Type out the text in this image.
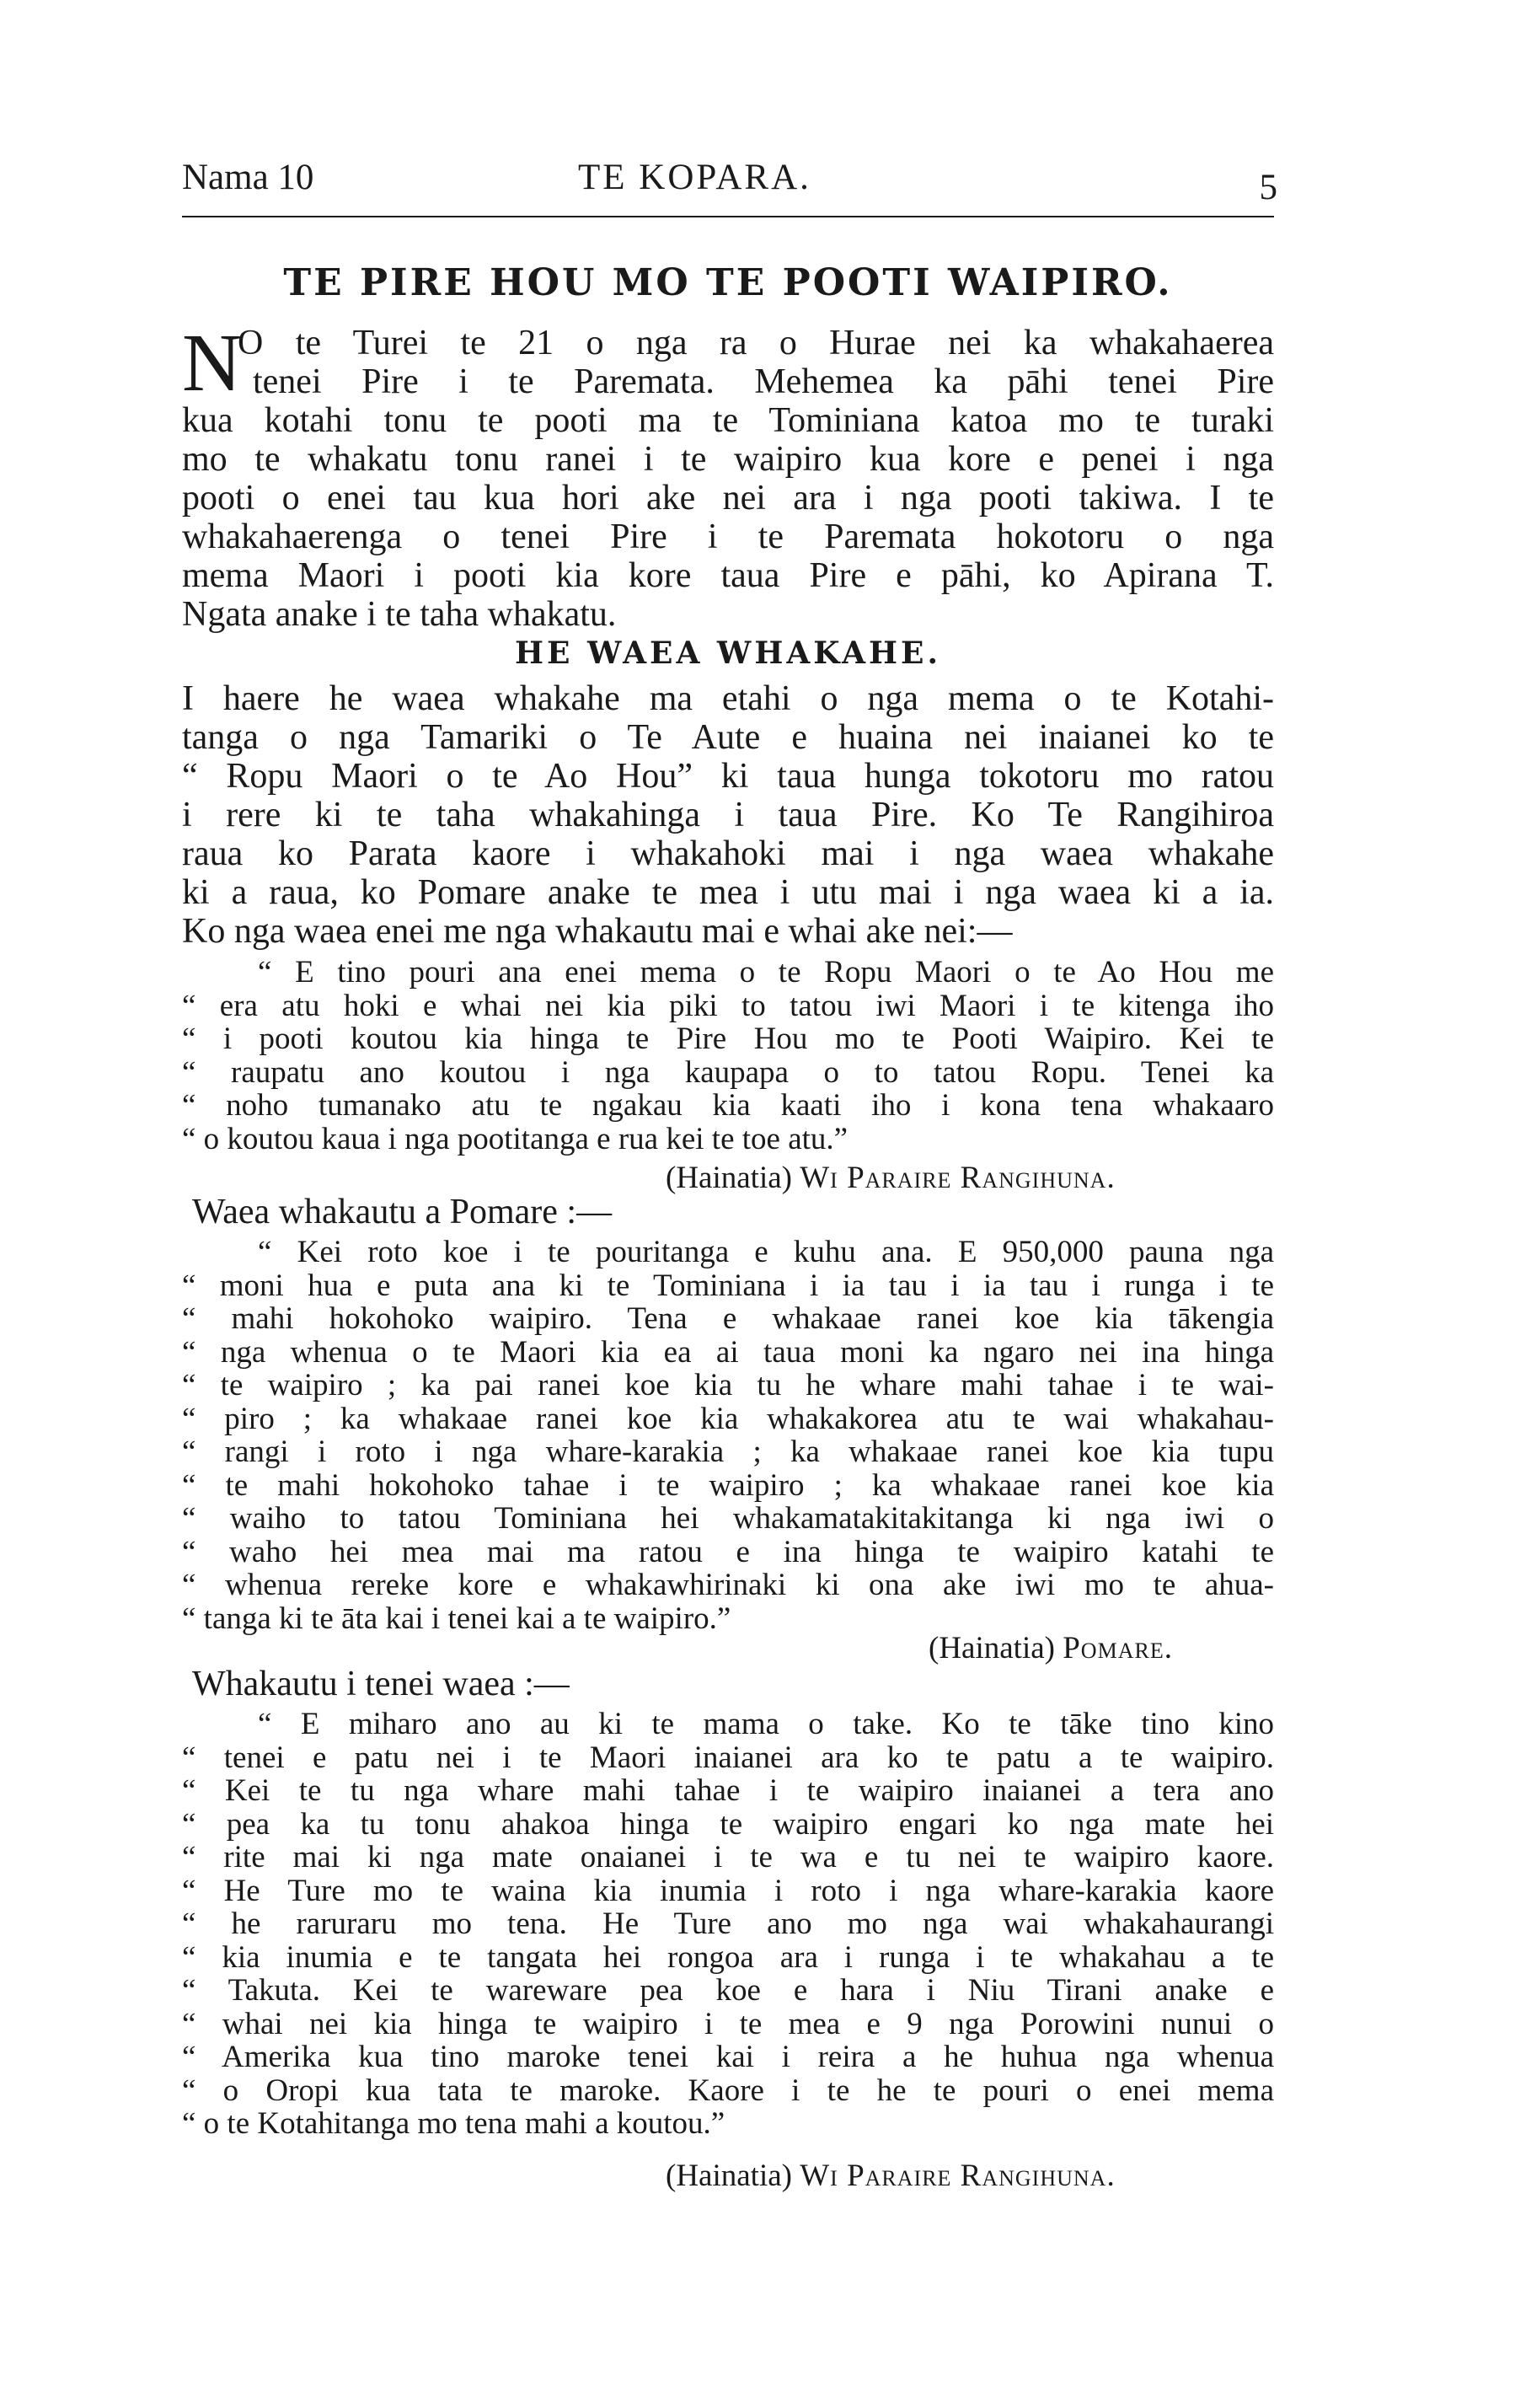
Nama 10	TE KOPARA.	5
TE PIRE HOU MO TE POOTI WAIPIRO.
N
O te Turei te 21 o nga ra o Hurae nei ka whakahaerea
tenei Pire i te Paremata. Mehemea ka pāhi tenei Pire
kua kotahi tonu te pooti ma te Tominiana katoa mo te turaki
mo te whakatu tonu ranei i te waipiro kua kore e penei i nga
pooti o enei tau kua hori ake nei ara i nga pooti takiwa. I te
whakahaerenga o tenei Pire i te Paremata hokotoru o nga
mema Maori i pooti kia kore taua Pire e pāhi, ko Apirana T.
Ngata anake i te taha whakatu.
HE WAEA WHAKAHE.
I haere he waea whakahe ma etahi o nga mema o te Kotahi-
tanga o nga Tamariki o Te Aute e huaina nei inaianei ko te
“ Ropu Maori o te Ao Hou” ki taua hunga tokotoru mo ratou
i rere ki te taha whakahinga i taua Pire. Ko Te Rangihiroa
raua ko Parata kaore i whakahoki mai i nga waea whakahe
ki a raua, ko Pomare anake te mea i utu mai i nga waea ki a ia.
Ko nga waea enei me nga whakautu mai e whai ake nei:—
“ E tino pouri ana enei mema o te Ropu Maori o te Ao Hou me
“ era atu hoki e whai nei kia piki to tatou iwi Maori i te kitenga iho
“ i pooti koutou kia hinga te Pire Hou mo te Pooti Waipiro. Kei te
“ raupatu ano koutou i nga kaupapa o to tatou Ropu. Tenei ka
“ noho tumanako atu te ngakau kia kaati iho i kona tena whakaaro
“ o koutou kaua i nga pootitanga e rua kei te toe atu.”
(Hainatia) Wi Paraire Rangihuna.
Waea whakautu a Pomare :—
“ Kei roto koe i te pouritanga e kuhu ana. E 950,000 pauna nga
“ moni hua e puta ana ki te Tominiana i ia tau i ia tau i runga i te
“ mahi hokohoko waipiro. Tena e whakaae ranei koe kia tākengia
“ nga whenua o te Maori kia ea ai taua moni ka ngaro nei ina hinga
“ te waipiro ; ka pai ranei koe kia tu he whare mahi tahae i te wai-
“ piro ; ka whakaae ranei koe kia whakakorea atu te wai whakahau-
“ rangi i roto i nga whare-karakia ; ka whakaae ranei koe kia tupu
“ te mahi hokohoko tahae i te waipiro ; ka whakaae ranei koe kia
“ waiho to tatou Tominiana hei whakamatakitakitanga ki nga iwi o
“ waho hei mea mai ma ratou e ina hinga te waipiro katahi te
“ whenua rereke kore e whakawhirinaki ki ona ake iwi mo te ahua-
“ tanga ki te āta kai i tenei kai a te waipiro.”
(Hainatia) Pomare.
Whakautu i tenei waea :—
“ E miharo ano au ki te mama o take. Ko te tāke tino kino
“ tenei e patu nei i te Maori inaianei ara ko te patu a te waipiro.
“ Kei te tu nga whare mahi tahae i te waipiro inaianei a tera ano
“ pea ka tu tonu ahakoa hinga te waipiro engari ko nga mate hei
“ rite mai ki nga mate onaianei i te wa e tu nei te waipiro kaore.
“ He Ture mo te waina kia inumia i roto i nga whare-karakia kaore
“ he raruraru mo tena. He Ture ano mo nga wai whakahaurangi
“ kia inumia e te tangata hei rongoa ara i runga i te whakahau a te
“ Takuta. Kei te wareware pea koe e hara i Niu Tirani anake e
“ whai nei kia hinga te waipiro i te mea e 9 nga Porowini nunui o
“ Amerika kua tino maroke tenei kai i reira a he huhua nga whenua
“ o Oropi kua tata te maroke. Kaore i te he te pouri o enei mema
“ o te Kotahitanga mo tena mahi a koutou.”
(Hainatia) Wi Paraire Rangihuna.
